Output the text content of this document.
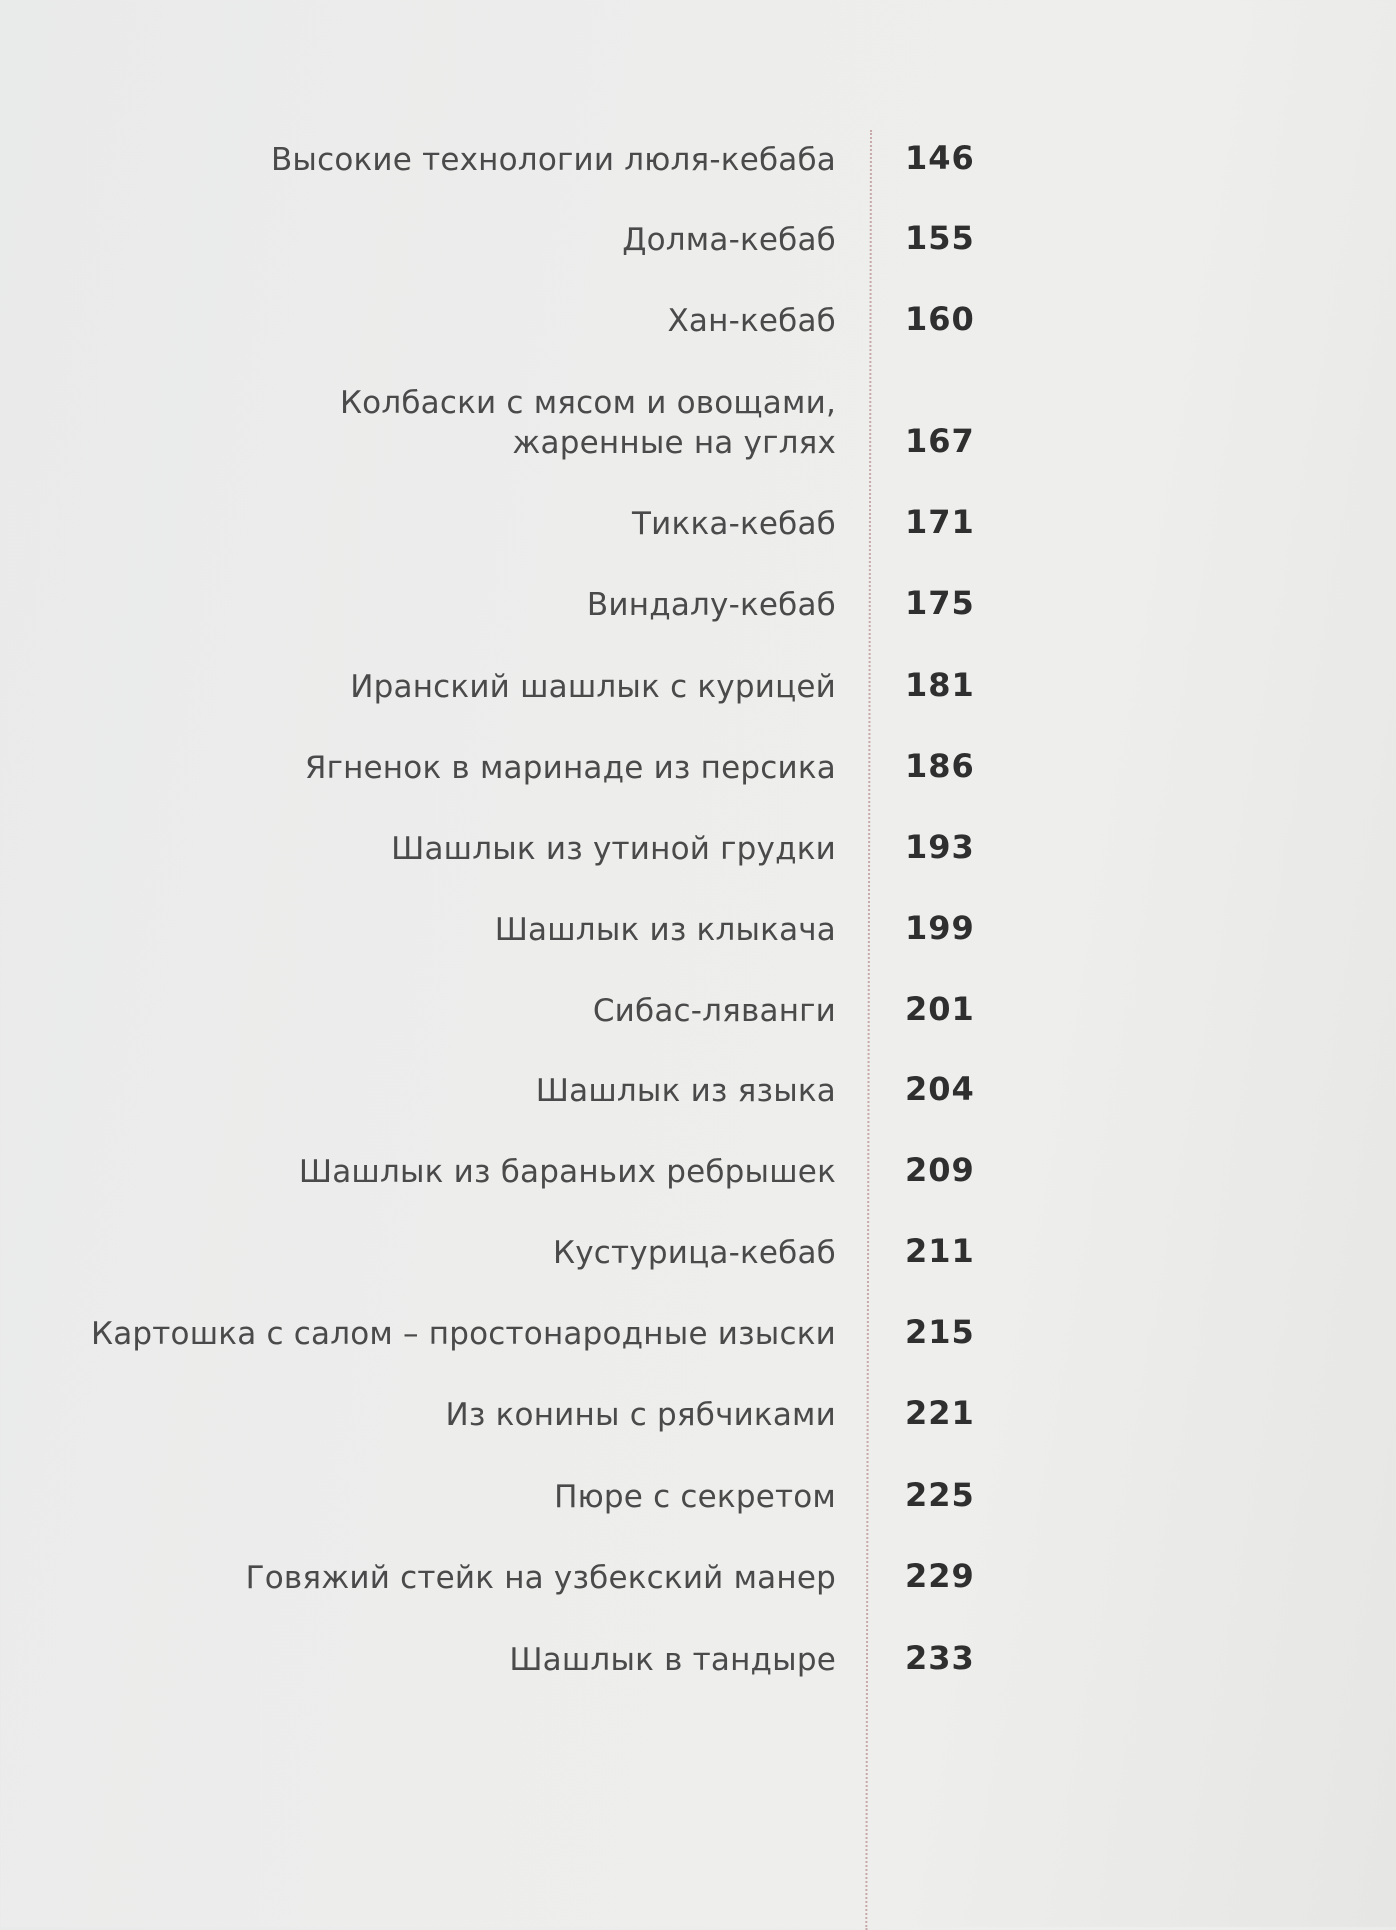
Высокие технологии люля-кебаба 146
Долма-кебаб 155
Хан-кебаб 160
Колбаски с мясом и овощами,
жаренные на углях 167
Тикка-кебаб 171
Виндалу-кебаб 175
Иранский шашлык с курицей 181
Ягненок в маринаде из персика 186
Шашлык из утиной грудки 193
Шашлык из клыкача 199
Сибас-ляванги 201
Шашлык из языка 204
Шашлык из бараньих ребрышек 209
Кустурица-кебаб 211
Картошка с салом – простонародные изыски 215
Из конины с рябчиками 221
Пюре с секретом 225
Говяжий стейк на узбекский манер 229
Шашлык в тандыре 233
